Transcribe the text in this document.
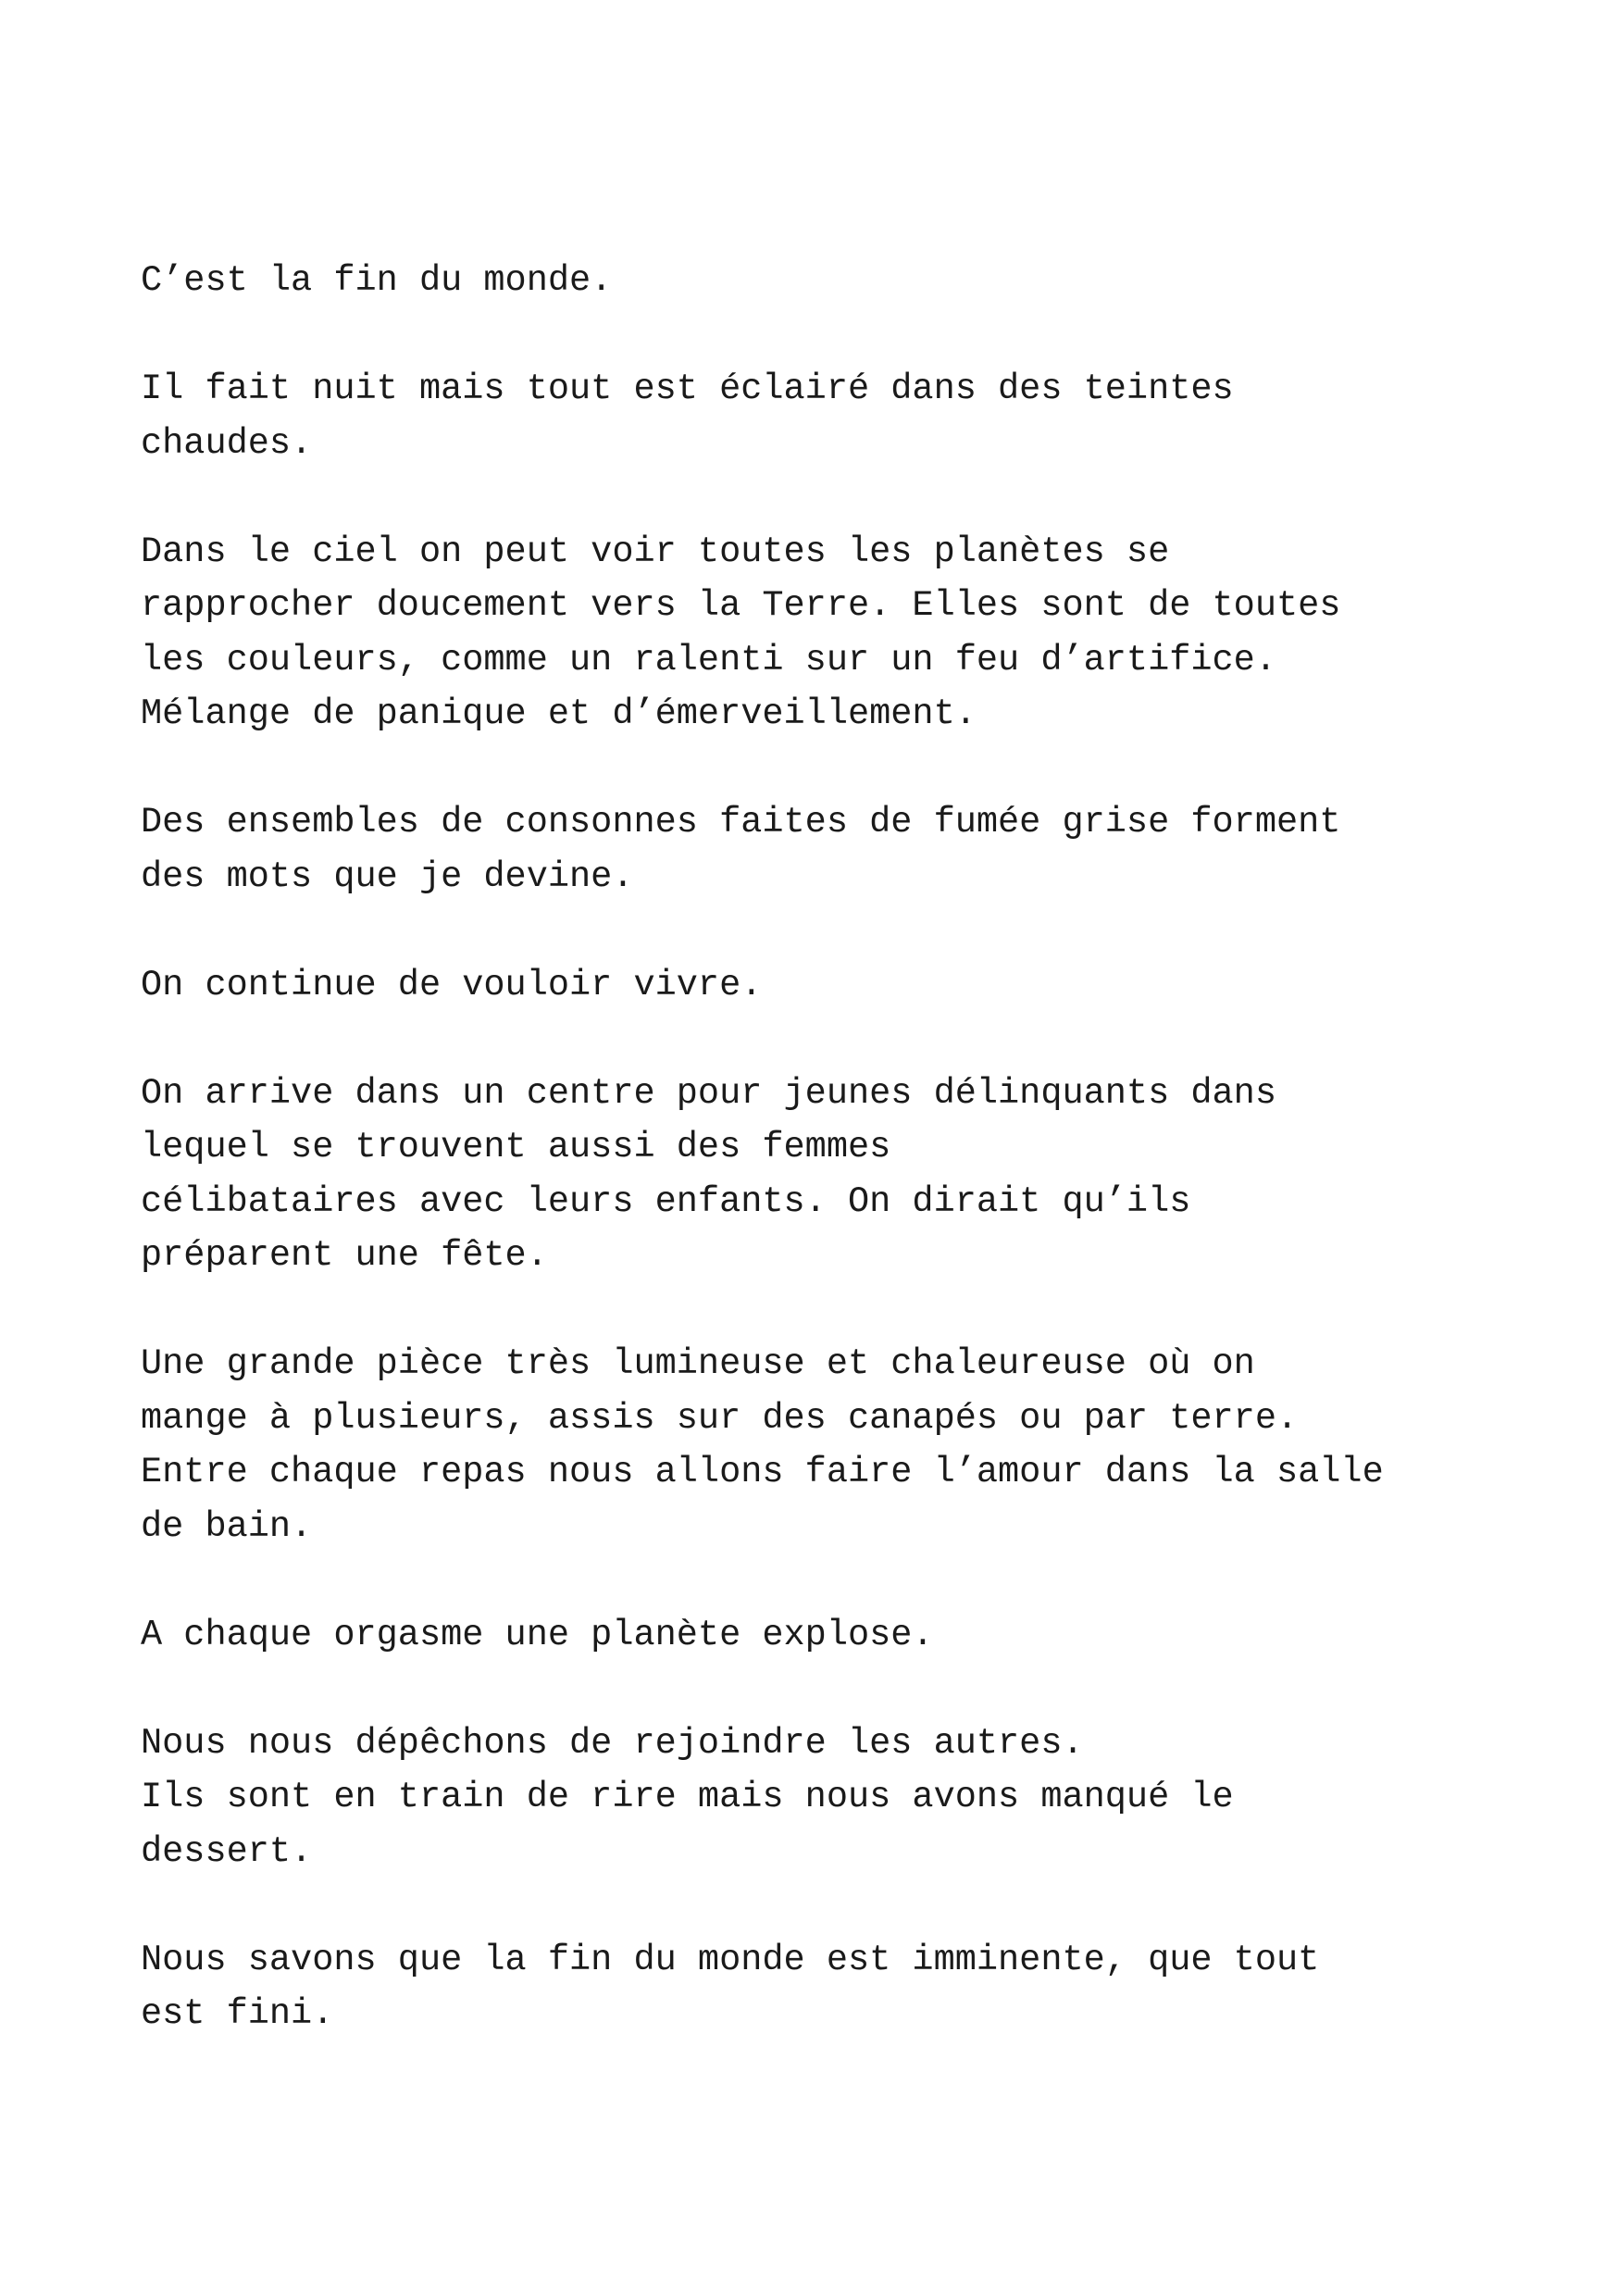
C’est la fin du monde.

Il fait nuit mais tout est éclairé dans des teintes
chaudes.

Dans le ciel on peut voir toutes les planètes se
rapprocher doucement vers la Terre. Elles sont de toutes
les couleurs, comme un ralenti sur un feu d’artifice.
Mélange de panique et d’émerveillement.

Des ensembles de consonnes faites de fumée grise forment
des mots que je devine.

On continue de vouloir vivre.

On arrive dans un centre pour jeunes délinquants dans
lequel se trouvent aussi des femmes
célibataires avec leurs enfants. On dirait qu’ils
préparent une fête.

Une grande pièce très lumineuse et chaleureuse où on
mange à plusieurs, assis sur des canapés ou par terre.
Entre chaque repas nous allons faire l’amour dans la salle
de bain.

A chaque orgasme une planète explose.

Nous nous dépêchons de rejoindre les autres.
Ils sont en train de rire mais nous avons manqué le
dessert.

Nous savons que la fin du monde est imminente, que tout
est fini.
